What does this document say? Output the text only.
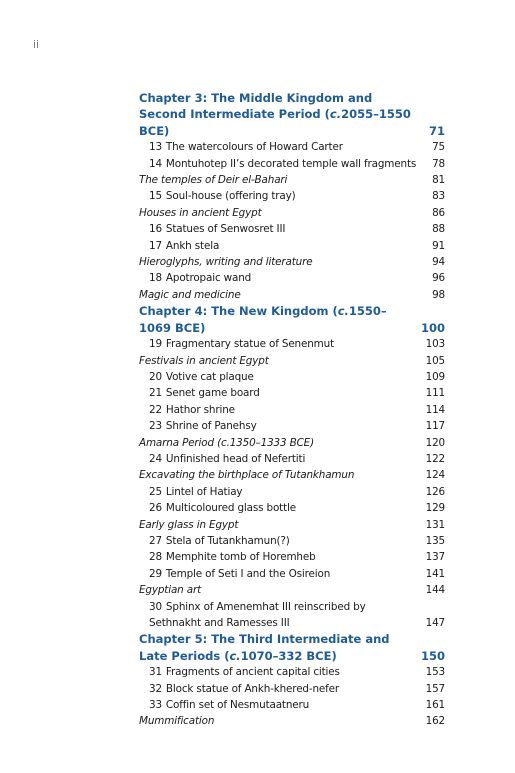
ii
Chapter 3: The Middle Kingdom and Second Intermediate Period (c.2055–1550 BCE)	71
13 The watercolours of Howard Carter	75
14 Montuhotep II’s decorated temple wall fragments	78
The temples of Deir el-Bahari	81
15 Soul-house (offering tray)	83
Houses in ancient Egypt	86
16 Statues of Senwosret III	88
17 Ankh stela	91
Hieroglyphs, writing and literature	94
18 Apotropaic wand	96
Magic and medicine	98
Chapter 4: The New Kingdom (c.1550–1069 BCE)	100
19 Fragmentary statue of Senenmut	103
Festivals in ancient Egypt	105
20 Votive cat plaque	109
21 Senet game board	111
22 Hathor shrine	114
23 Shrine of Panehsy	117
Amarna Period (c.1350–1333 BCE)	120
24 Unfinished head of Nefertiti	122
Excavating the birthplace of Tutankhamun	124
25 Lintel of Hatiay	126
26 Multicoloured glass bottle	129
Early glass in Egypt	131
27 Stela of Tutankhamun(?)	135
28 Memphite tomb of Horemheb	137
29 Temple of Seti I and the Osireion	141
Egyptian art	144
30 Sphinx of Amenemhat III reinscribed by Sethnakht and Ramesses III	147
Chapter 5: The Third Intermediate and Late Periods (c.1070–332 BCE)	150
31 Fragments of ancient capital cities	153
32 Block statue of Ankh-khered-nefer	157
33 Coffin set of Nesmutaatneru	161
Mummification	162
